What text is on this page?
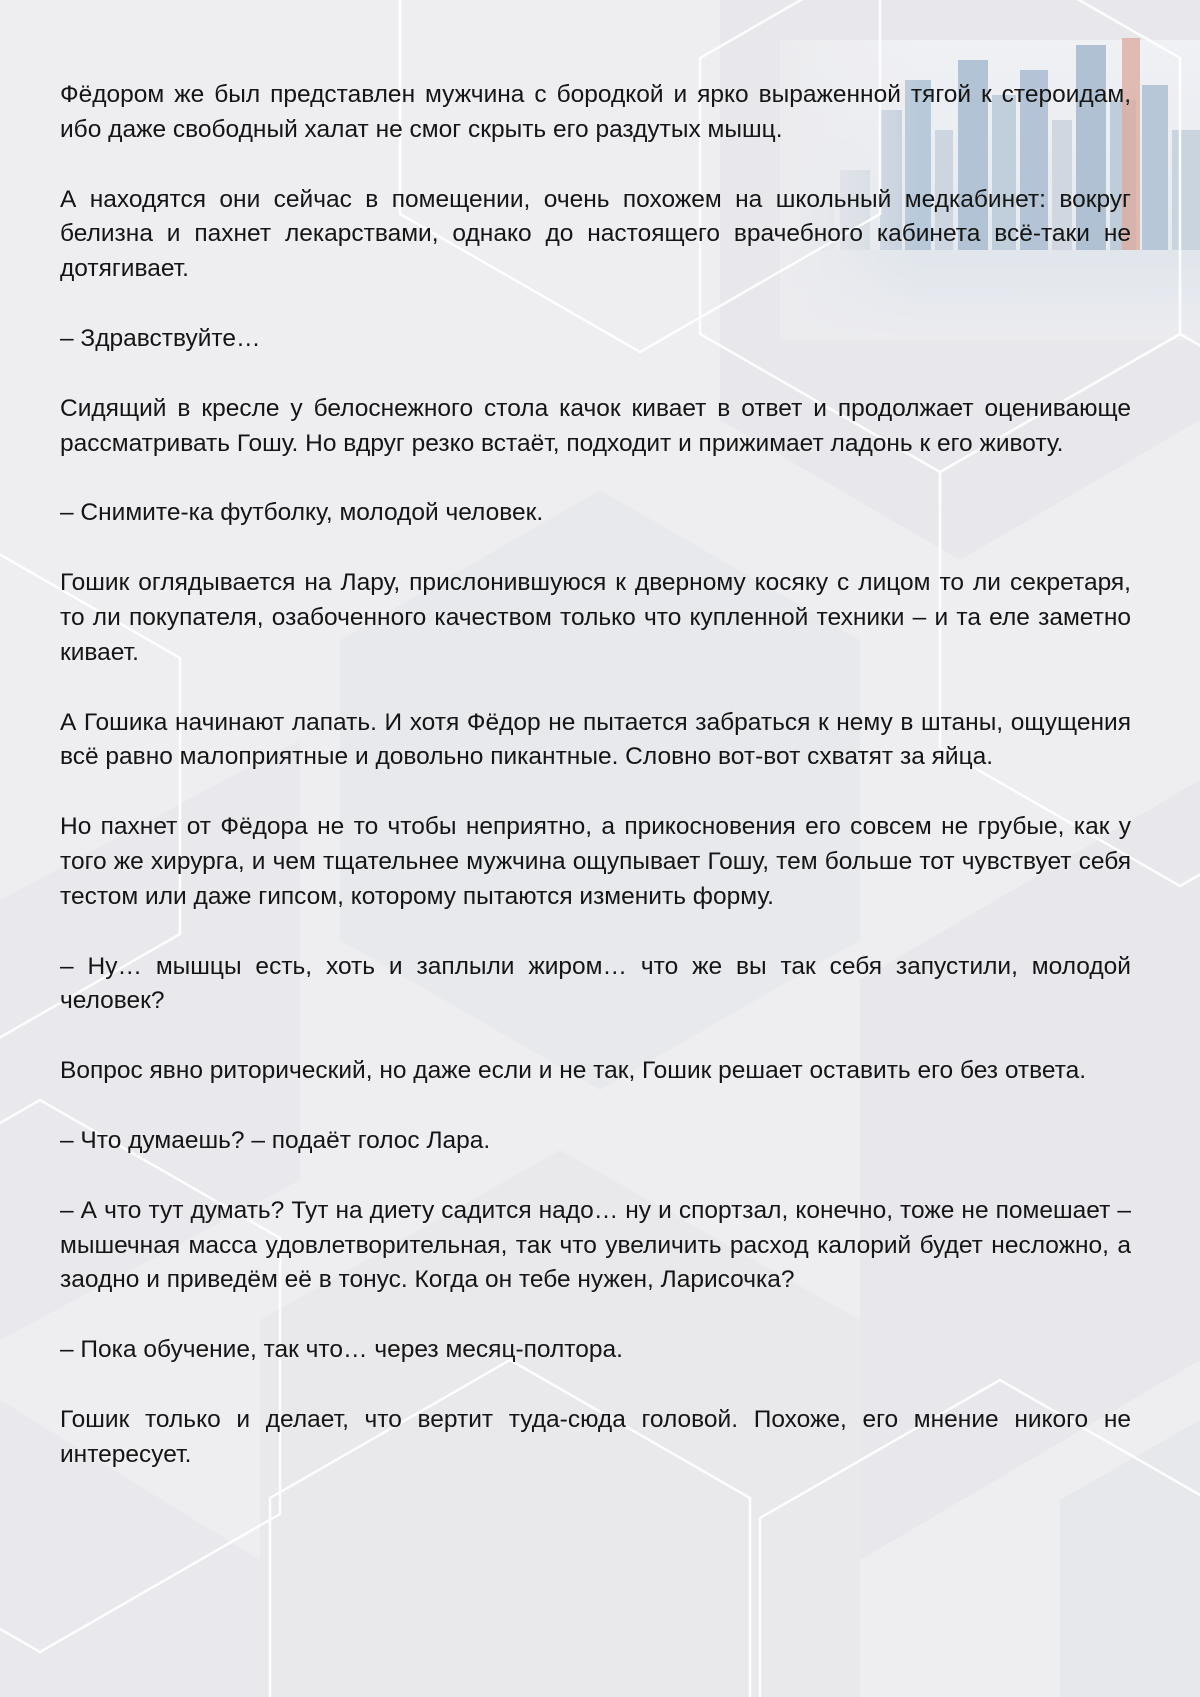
Фёдором же был представлен мужчина с бородкой и ярко выраженной тягой к стероидам, ибо даже свободный халат не смог скрыть его раздутых мышц.

А находятся они сейчас в помещении, очень похожем на школьный медкабинет: вокруг белизна и пахнет лекарствами, однако до настоящего врачебного кабинета всё-таки не дотягивает.

– Здравствуйте…

Сидящий в кресле у белоснежного стола качок кивает в ответ и продолжает оценивающе рассматривать Гошу. Но вдруг резко встаёт, подходит и прижимает ладонь к его животу.

– Снимите-ка футболку, молодой человек.

Гошик оглядывается на Лару, прислонившуюся к дверному косяку с лицом то ли секретаря, то ли покупателя, озабоченного качеством только что купленной техники – и та еле заметно кивает.

А Гошика начинают лапать. И хотя Фёдор не пытается забраться к нему в штаны, ощущения всё равно малоприятные и довольно пикантные. Словно вот-вот схватят за яйца.

Но пахнет от Фёдора не то чтобы неприятно, а прикосновения его совсем не грубые, как у того же хирурга, и чем тщательнее мужчина ощупывает Гошу, тем больше тот чувствует себя тестом или даже гипсом, которому пытаются изменить форму.

– Ну… мышцы есть, хоть и заплыли жиром… что же вы так себя запустили, молодой человек?

Вопрос явно риторический, но даже если и не так, Гошик решает оставить его без ответа.

– Что думаешь? – подаёт голос Лара.

– А что тут думать? Тут на диету садится надо… ну и спортзал, конечно, тоже не помешает – мышечная масса удовлетворительная, так что увеличить расход калорий будет несложно, а заодно и приведём её в тонус. Когда он тебе нужен, Ларисочка?

– Пока обучение, так что… через месяц-полтора.

Гошик только и делает, что вертит туда-сюда головой. Похоже, его мнение никого не интересует.
